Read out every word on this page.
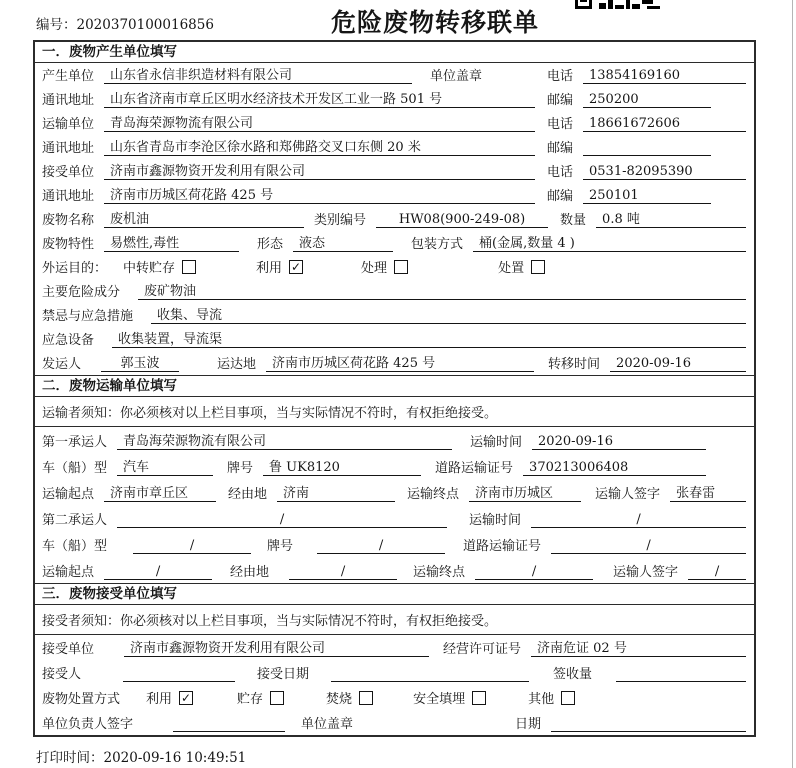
编号：2020370100016856	危险废物转移联单
一．废物产生单位填写
产生单位	山东省永信非织造材料有限公司	单位盖章	电话	13854169160
通讯地址	山东省济南市章丘区明水经济技术开发区工业一路 501 号	邮编	250200
运输单位	青岛海荣源物流有限公司	电话	18661672606
通讯地址	山东省青岛市李沧区徐水路和郑佛路交叉口东侧 20 米	邮编
接受单位	济南市鑫源物资开发利用有限公司	电话	0531-82095390
通讯地址	济南市历城区荷花路 425 号	邮编	250101
废物名称	废机油	类别编号	HW08(900-249-08)	数量	0.8 吨
废物特性	易燃性,毒性	形态	液态	包装方式	桶(金属,数量 4 )
外运目的：	中转贮存	利用 ✓	处理	处置
主要危险成分	废矿物油
禁忌与应急措施	收集、导流
应急设备	收集装置，导流渠
发运人	郭玉波	运达地	济南市历城区荷花路 425 号	转移时间	2020-09-16
二．废物运输单位填写
运输者须知：你必须核对以上栏目事项，当与实际情况不符时，有权拒绝接受。
第一承运人	青岛海荣源物流有限公司	运输时间	2020-09-16
车（船）型	汽车	牌号	鲁 UK8120	道路运输证号	370213006408
运输起点	济南市章丘区	经由地	济南	运输终点	济南市历城区	运输人签字	张春雷
第二承运人	/	运输时间	/
车（船）型	/	牌号	/	道路运输证号	/
运输起点	/	经由地	/	运输终点	/	运输人签字	/
三．废物接受单位填写
接受者须知：你必须核对以上栏目事项，当与实际情况不符时，有权拒绝接受。
接受单位	济南市鑫源物资开发利用有限公司	经营许可证号	济南危证 02 号
接受人	接受日期	签收量
废物处置方式	利用 ✓	贮存	焚烧	安全填埋	其他
单位负责人签字	单位盖章	日期
打印时间：2020-09-16 10:49:51
